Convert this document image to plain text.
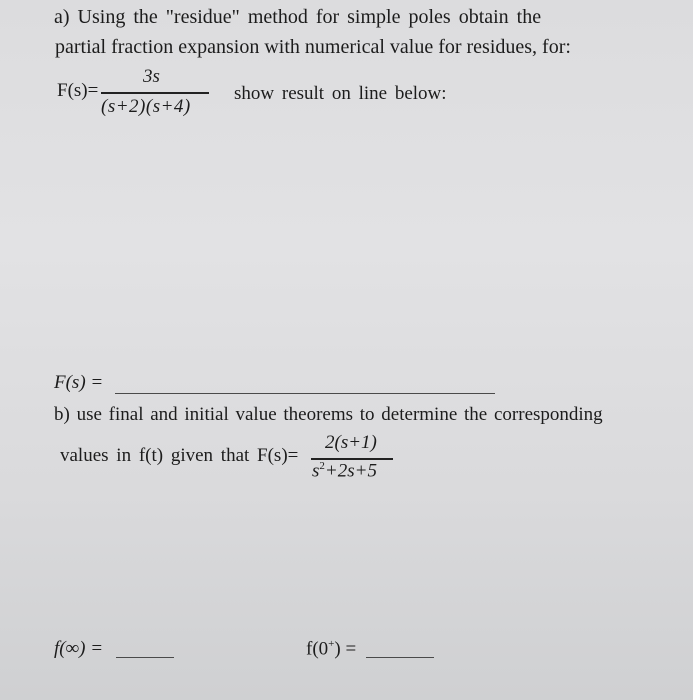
a) Using the "residue" method for simple poles obtain the
partial fraction expansion with numerical value for residues, for:
F(s)=
3s
(s+2)(s+4)
show result on line below:
F(s) =
b) use final and initial value theorems to determine the corresponding
values in f(t) given that F(s)=
2(s+1)
$s^2+2s+5$
f(∞) =	f(0+) =
